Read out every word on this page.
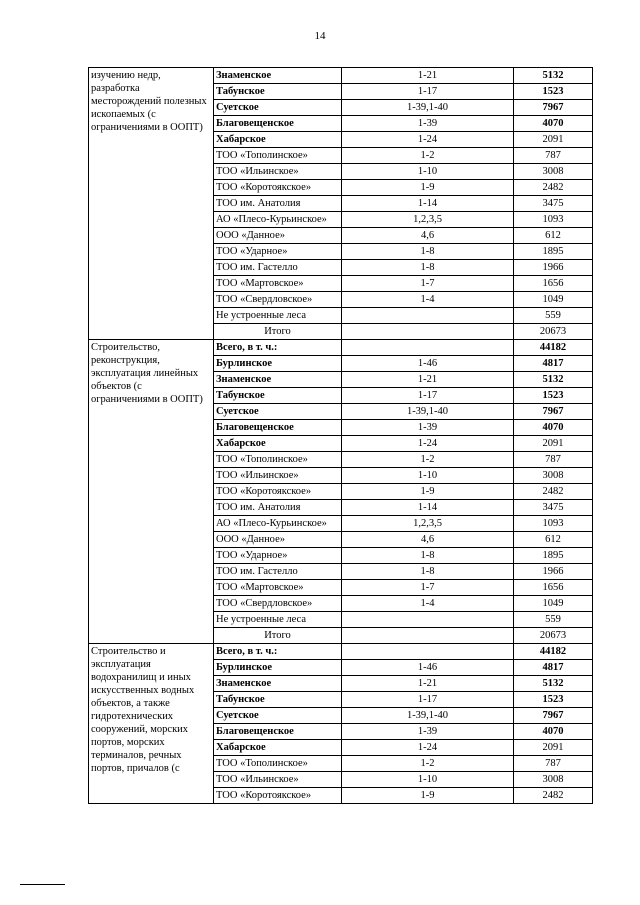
14
изучению недр, разработка месторождений полезных ископаемых (с ограничениями в ООПТ)	Знаменское	1-21	5132
	Табунское	1-17	1523
	Суетское	1-39,1-40	7967
	Благовещенское	1-39	4070
	Хабарское	1-24	2091
	ТОО «Тополинское»	1-2	787
	ТОО «Ильинское»	1-10	3008
	ТОО «Коротоякское»	1-9	2482
	ТОО им. Анатолия	1-14	3475
	АО «Плесо-Курьинское»	1,2,3,5	1093
	ООО «Данное»	4,6	612
	ТОО «Ударное»	1-8	1895
	ТОО им. Гастелло	1-8	1966
	ТОО «Мартовское»	1-7	1656
	ТОО «Свердловское»	1-4	1049
	Не устроенные леса		559
	Итого		20673
Строительство, реконструкция, эксплуатация линейных объектов (с ограничениями в ООПТ)	Всего, в т. ч.:		44182
	Бурлинское	1-46	4817
	Знаменское	1-21	5132
	Табунское	1-17	1523
	Суетское	1-39,1-40	7967
	Благовещенское	1-39	4070
	Хабарское	1-24	2091
	ТОО «Тополинское»	1-2	787
	ТОО «Ильинское»	1-10	3008
	ТОО «Коротоякское»	1-9	2482
	ТОО им. Анатолия	1-14	3475
	АО «Плесо-Курьинское»	1,2,3,5	1093
	ООО «Данное»	4,6	612
	ТОО «Ударное»	1-8	1895
	ТОО им. Гастелло	1-8	1966
	ТОО «Мартовское»	1-7	1656
	ТОО «Свердловское»	1-4	1049
	Не устроенные леса		559
	Итого		20673
Строительство и эксплуатация водохранилищ и иных искусственных водных объектов, а также гидротехнических сооружений, морских портов, морских терминалов, речных портов, причалов (с	Всего, в т. ч.:		44182
	Бурлинское	1-46	4817
	Знаменское	1-21	5132
	Табунское	1-17	1523
	Суетское	1-39,1-40	7967
	Благовещенское	1-39	4070
	Хабарское	1-24	2091
	ТОО «Тополинское»	1-2	787
	ТОО «Ильинское»	1-10	3008
	ТОО «Коротоякское»	1-9	2482
